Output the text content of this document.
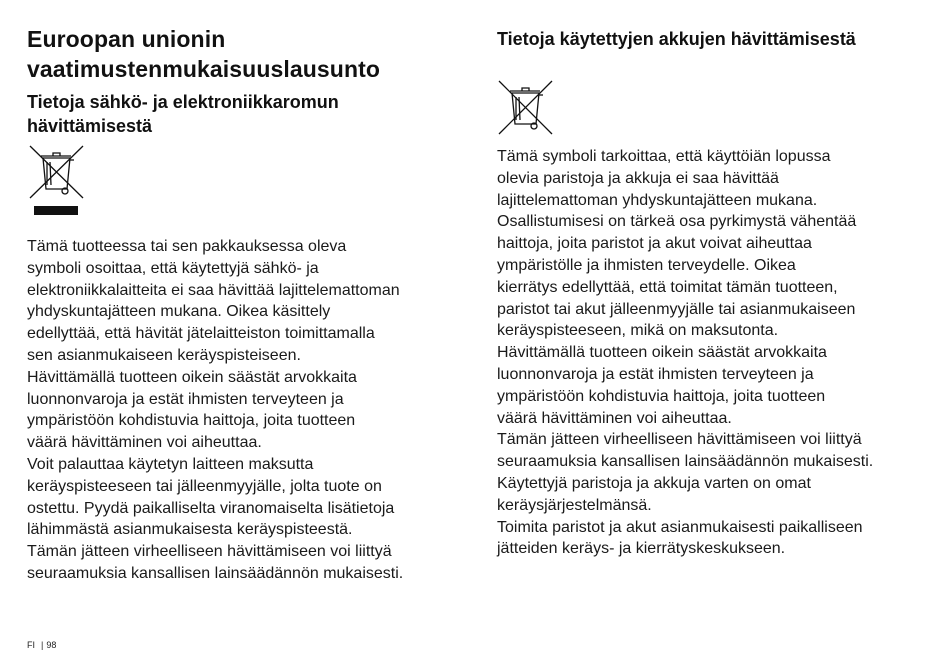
Euroopan unionin
vaatimustenmukaisuuslausunto
Tietoja sähkö- ja elektroniikkaromun
hävittämisestä
Tämä tuotteessa tai sen pakkauksessa oleva
symboli osoittaa, että käytettyjä sähkö- ja
elektroniikkalaitteita ei saa hävittää lajittelemattoman
yhdyskuntajätteen mukana. Oikea käsittely
edellyttää, että hävität jätelaitteiston toimittamalla
sen asianmukaiseen keräyspisteiseen.
Hävittämällä tuotteen oikein säästät arvokkaita
luonnonvaroja ja estät ihmisten terveyteen ja
ympäristöön kohdistuvia haittoja, joita tuotteen
väärä hävittäminen voi aiheuttaa.
Voit palauttaa käytetyn laitteen maksutta
keräyspisteeseen tai jälleenmyyjälle, jolta tuote on
ostettu. Pyydä paikalliselta viranomaiselta lisätietoja
lähimmästä asianmukaisesta keräyspisteestä.
Tämän jätteen virheelliseen hävittämiseen voi liittyä
seuraamuksia kansallisen lainsäädännön mukaisesti.
Tietoja käytettyjen akkujen hävittämisestä
Tämä symboli tarkoittaa, että käyttöiän lopussa
olevia paristoja ja akkuja ei saa hävittää
lajittelemattoman yhdyskuntajätteen mukana.
Osallistumisesi on tärkeä osa pyrkimystä vähentää
haittoja, joita paristot ja akut voivat aiheuttaa
ympäristölle ja ihmisten terveydelle. Oikea
kierrätys edellyttää, että toimitat tämän tuotteen,
paristot tai akut jälleenmyyjälle tai asianmukaiseen
keräyspisteeseen, mikä on maksutonta.
Hävittämällä tuotteen oikein säästät arvokkaita
luonnonvaroja ja estät ihmisten terveyteen ja
ympäristöön kohdistuvia haittoja, joita tuotteen
väärä hävittäminen voi aiheuttaa.
Tämän jätteen virheelliseen hävittämiseen voi liittyä
seuraamuksia kansallisen lainsäädännön mukaisesti.
Käytettyjä paristoja ja akkuja varten on omat
keräysjärjestelmänsä.
Toimita paristot ja akut asianmukaisesti paikalliseen
jätteiden keräys- ja kierrätyskeskukseen.
FI | 98
